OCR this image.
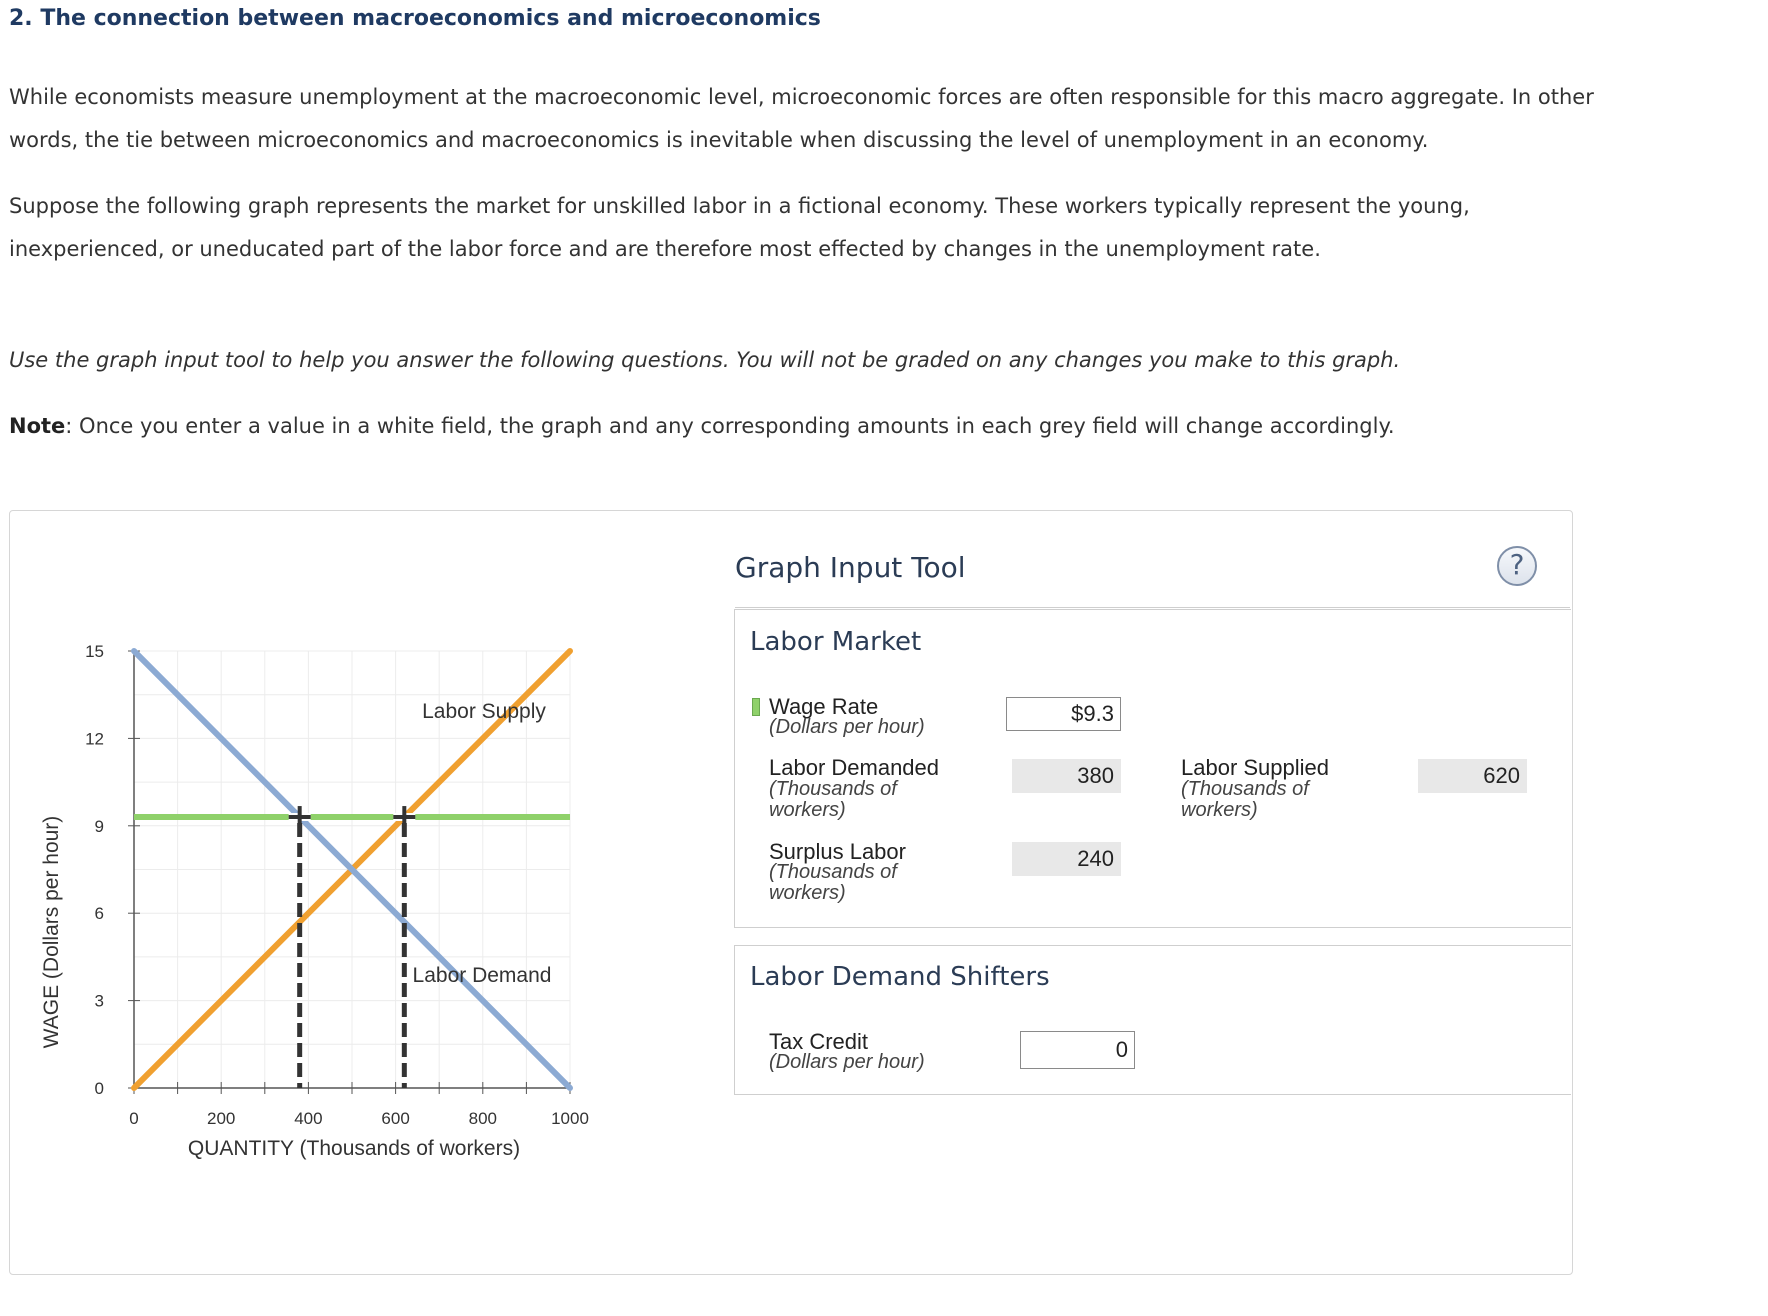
2. The connection between macroeconomics and microeconomics

While economists measure unemployment at the macroeconomic level, microeconomic forces are often responsible for this macro aggregate. In other
words, the tie between microeconomics and macroeconomics is inevitable when discussing the level of unemployment in an economy.

Suppose the following graph represents the market for unskilled labor in a fictional economy. These workers typically represent the young,
inexperienced, or uneducated part of the labor force and are therefore most effected by changes in the unemployment rate.

Use the graph input tool to help you answer the following questions. You will not be graded on any changes you make to this graph.

Note: Once you enter a value in a white field, the graph and any corresponding amounts in each grey field will change accordingly.

0	200	400	600	800	1000
0
3
6
9
12
15
Labor Supply
Labor Demand
QUANTITY (Thousands of workers)
WAGE (Dollars per hour)
Graph Input Tool	?
Labor Market
Wage Rate
(Dollars per hour)
$9.3
Labor Demanded
(Thousands of
workers)
380	Labor Supplied
(Thousands of
workers)
620
Surplus Labor
(Thousands of
workers)
240
Labor Demand Shifters
Tax Credit
(Dollars per hour)	0
